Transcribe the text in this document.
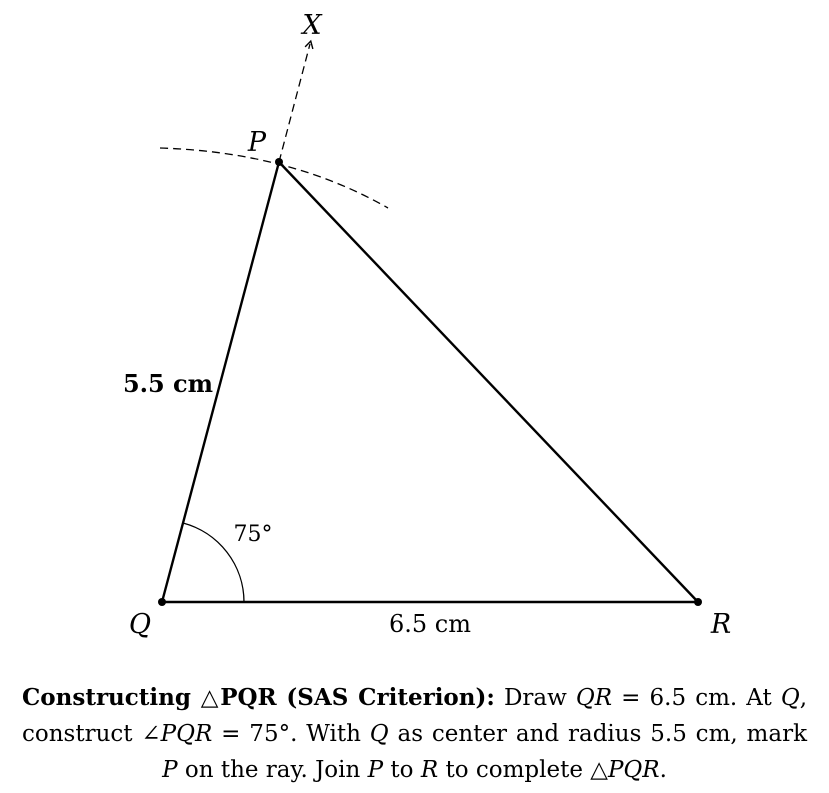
X
P
Q	R
5.5 cm
6.5 cm
75°
Constructing △PQR (SAS Criterion): Draw QR = 6.5 cm. At Q, construct ∠PQR = 75°. With Q as center and radius 5.5 cm, mark P on the ray. Join P to R to complete △PQR.
